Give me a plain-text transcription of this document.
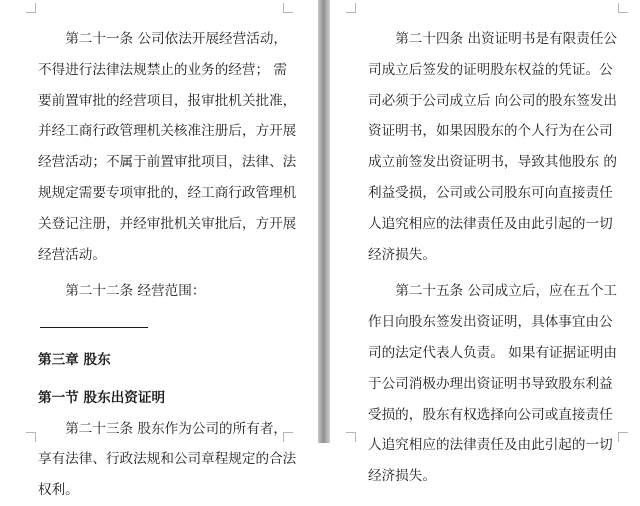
第二十一条 公司依法开展经营活动，不得进行法律法规禁止的业务的经营； 需要前置审批的经营项目，报审批机关批准，并经工商行政管理机关核准注册后，方开展经营活动；不属于前置审批项目，法律、法规规定需要专项审批的，经工商行政管理机关登记注册，并经审批机关审批后，方开展经营活动。

第二十二条 经营范围：

第三章 股东

第一节 股东出资证明

第二十三条 股东作为公司的所有者，享有法律、行政法规和公司章程规定的合法权利。

第二十四条 出资证明书是有限责任公司成立后签发的证明股东权益的凭证。公司必须于公司成立后 向公司的股东签发出资证明书，如果因股东的个人行为在公司成立前签发出资证明书，导致其他股东 的利益受损，公司或公司股东可向直接责任人追究相应的法律责任及由此引起的一切经济损失。

第二十五条 公司成立后，应在五个工作日向股东签发出资证明，具体事宜由公司的法定代表人负责。 如果有证据证明由于公司消极办理出资证明书导致股东利益受损的，股东有权选择向公司或直接责任 人追究相应的法律责任及由此引起的一切经济损失。
